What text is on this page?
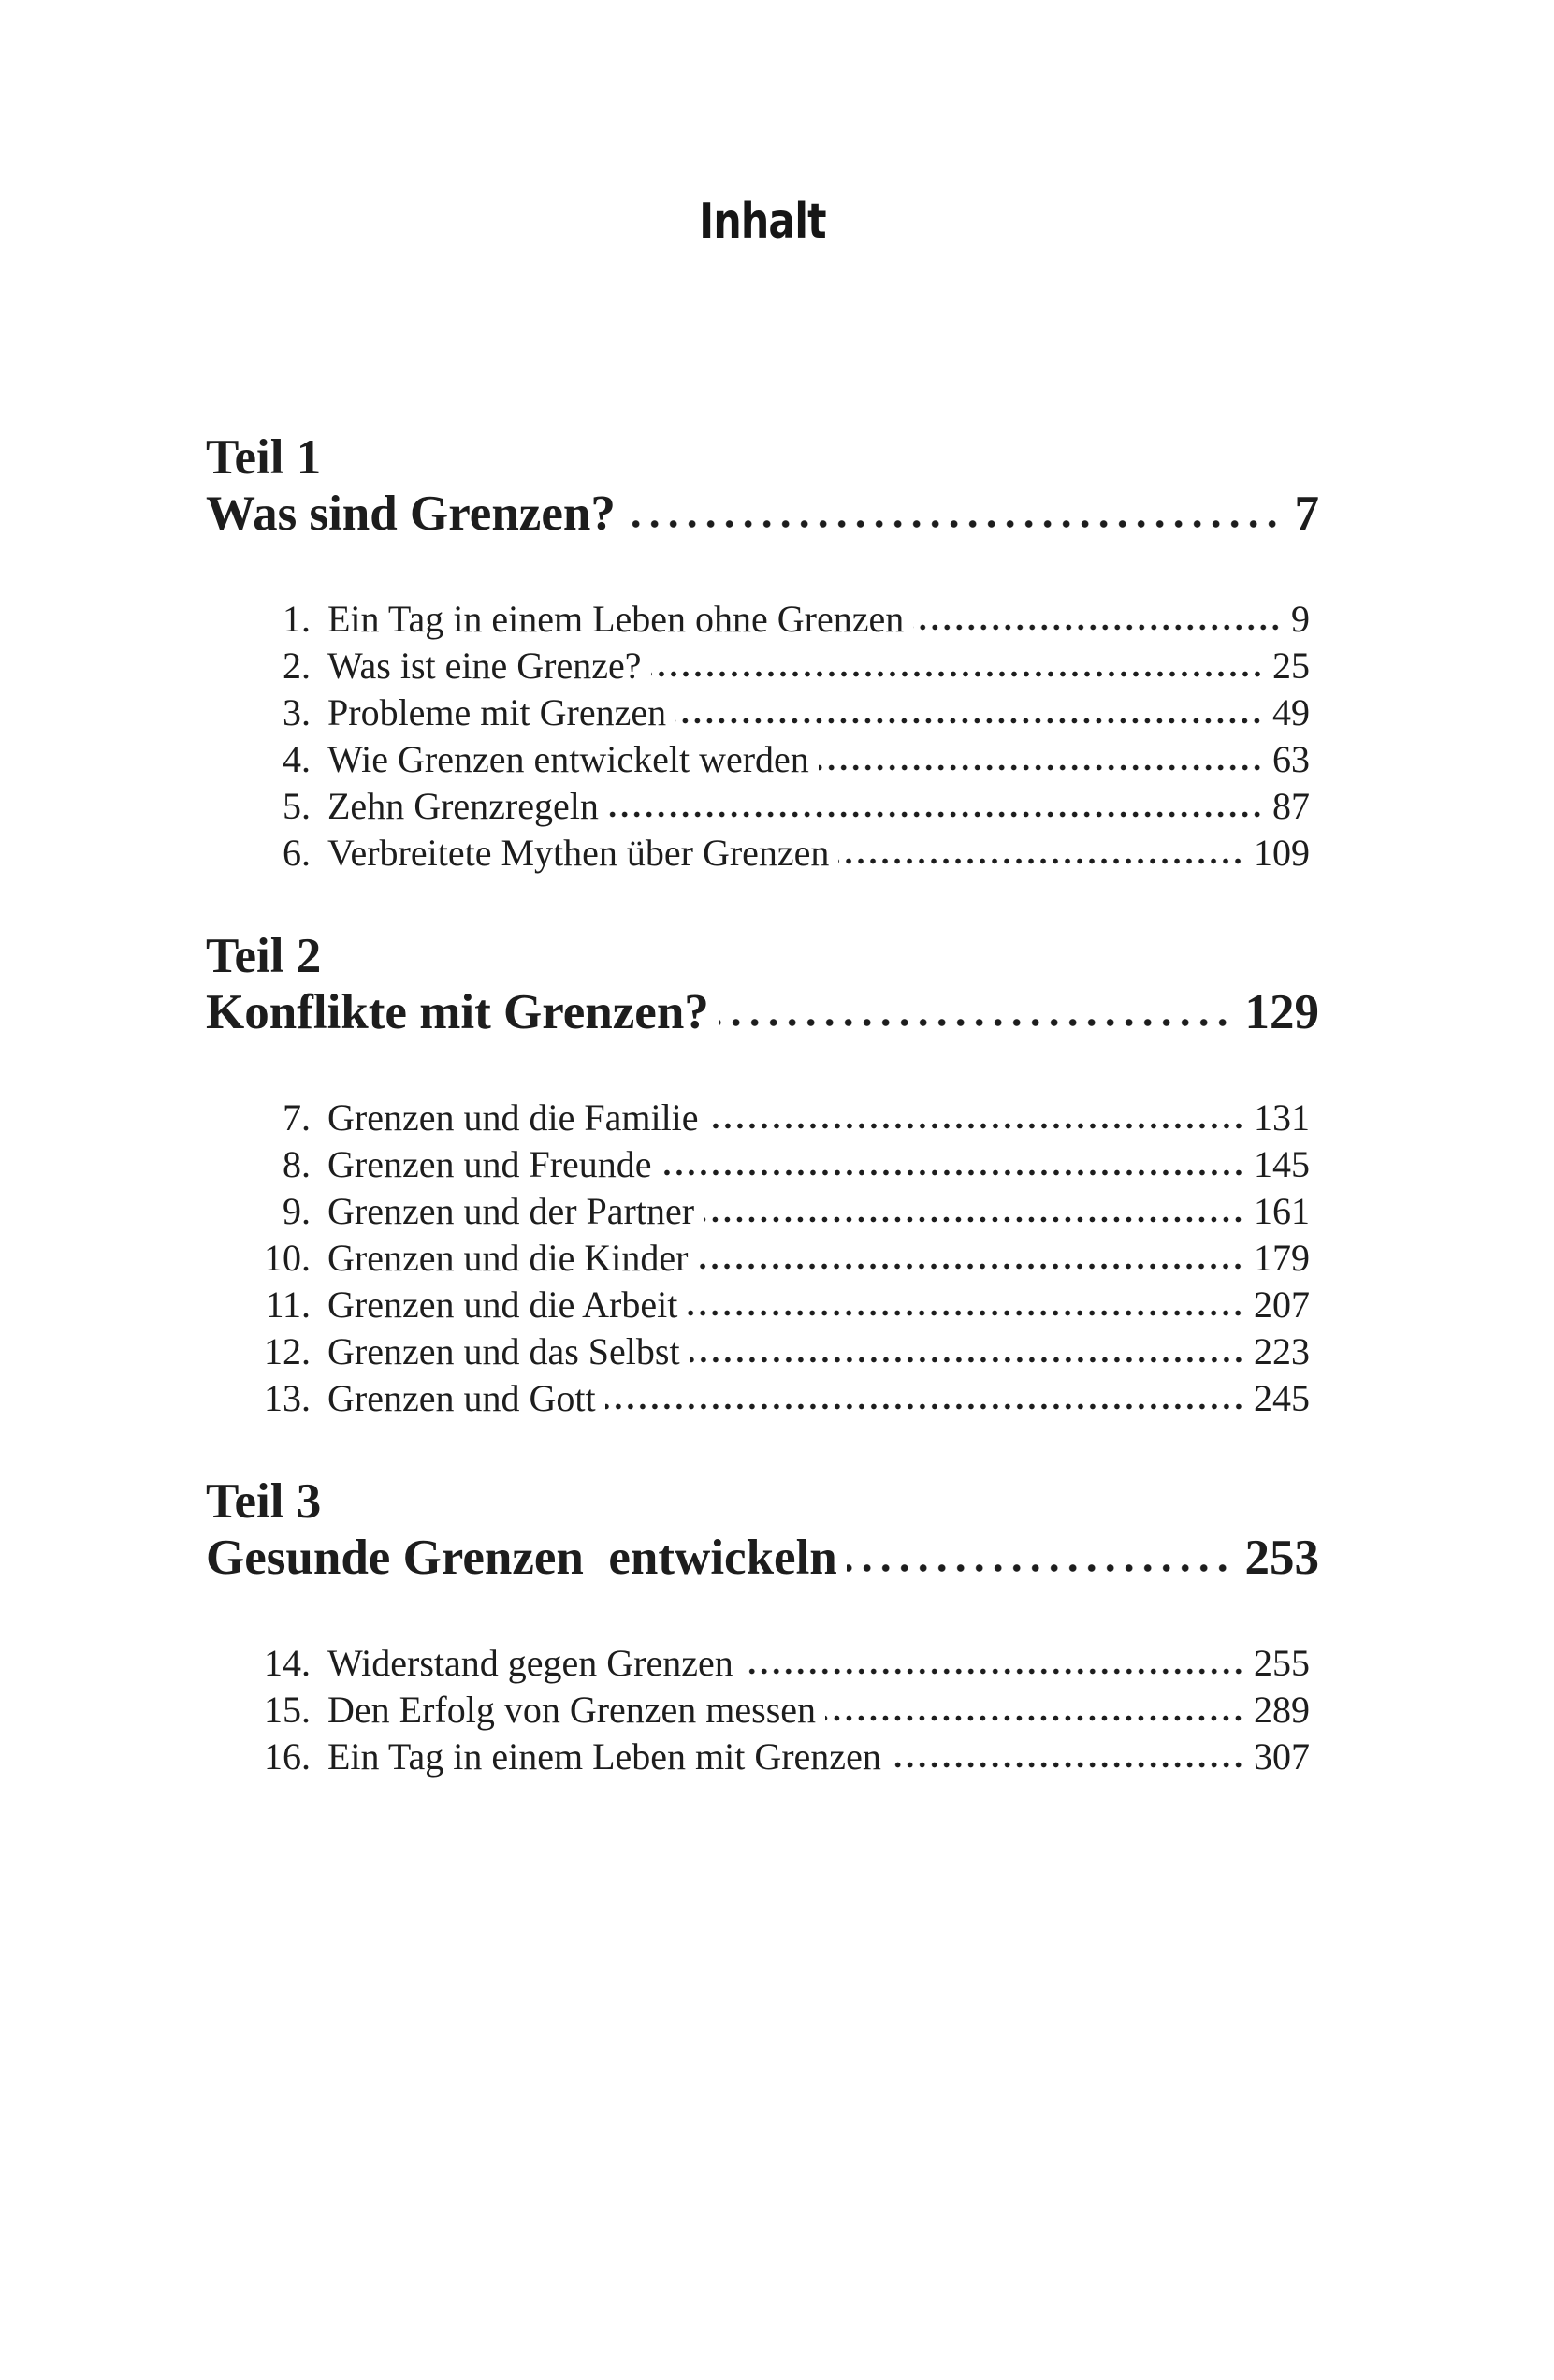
Inhalt
Teil 1
Was sind Grenzen?	7
1. Ein Tag in einem Leben ohne Grenzen	9
2. Was ist eine Grenze?	25
3. Probleme mit Grenzen	49
4. Wie Grenzen entwickelt werden	63
5. Zehn Grenzregeln	87
6. Verbreitete Mythen über Grenzen	109
Teil 2
Konflikte mit Grenzen?	129
7. Grenzen und die Familie	131
8. Grenzen und Freunde	145
9. Grenzen und der Partner	161
10. Grenzen und die Kinder	179
11. Grenzen und die Arbeit	207
12. Grenzen und das Selbst	223
13. Grenzen und Gott	245
Teil 3
Gesunde Grenzen  entwickeln	253
14. Widerstand gegen Grenzen	255
15. Den Erfolg von Grenzen messen	289
16. Ein Tag in einem Leben mit Grenzen	307
